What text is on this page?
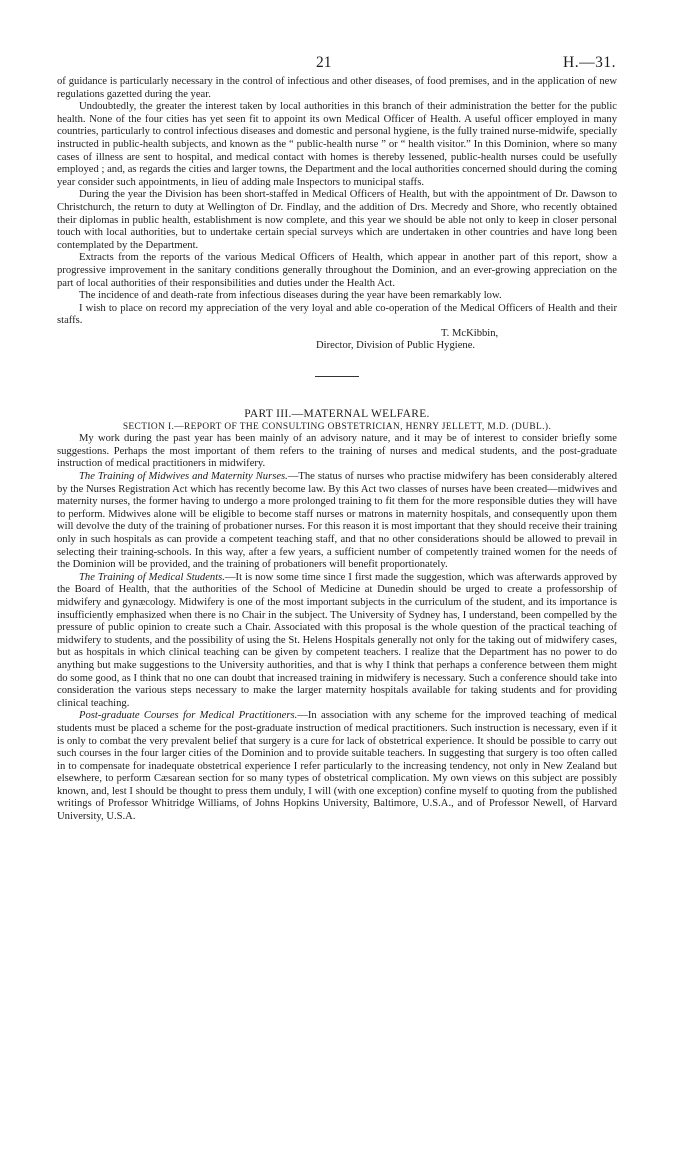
21	H.—31.

of guidance is particularly necessary in the control of infectious and other diseases, of food premises, and in the application of new regulations gazetted during the year.

Undoubtedly, the greater the interest taken by local authorities in this branch of their administration the better for the public health. None of the four cities has yet seen fit to appoint its own Medical Officer of Health. A useful officer employed in many countries, particularly to control infectious diseases and domestic and personal hygiene, is the fully trained nurse-midwife, specially instructed in public-health subjects, and known as the “ public-health nurse ” or “ health visitor.” In this Dominion, where so many cases of illness are sent to hospital, and medical contact with homes is thereby lessened, public-health nurses could be usefully employed ; and, as regards the cities and larger towns, the Department and the local authorities concerned should during the coming year consider such appointments, in lieu of adding male Inspectors to municipal staffs.

During the year the Division has been short-staffed in Medical Officers of Health, but with the appointment of Dr. Dawson to Christchurch, the return to duty at Wellington of Dr. Findlay, and the addition of Drs. Mecredy and Shore, who recently obtained their diplomas in public health, establishment is now complete, and this year we should be able not only to keep in closer personal touch with local authorities, but to undertake certain special surveys which are undertaken in other countries and have long been contemplated by the Department.

Extracts from the reports of the various Medical Officers of Health, which appear in another part of this report, show a progressive improvement in the sanitary conditions generally throughout the Dominion, and an ever-growing appreciation on the part of local authorities of their responsibilities and duties under the Health Act.

The incidence of and death-rate from infectious diseases during the year have been remarkably low.

I wish to place on record my appreciation of the very loyal and able co-operation of the Medical Officers of Health and their staffs.

T. McKibbin,

Director, Division of Public Hygiene.

PART III.—MATERNAL WELFARE.

SECTION I.—REPORT OF THE CONSULTING OBSTETRICIAN, HENRY JELLETT, M.D. (DUBL.).

My work during the past year has been mainly of an advisory nature, and it may be of interest to consider briefly some suggestions. Perhaps the most important of them refers to the training of nurses and medical students, and the post-graduate instruction of medical practitioners in midwifery.

The Training of Midwives and Maternity Nurses.—The status of nurses who practise midwifery has been considerably altered by the Nurses Registration Act which has recently become law. By this Act two classes of nurses have been created—midwives and maternity nurses, the former having to undergo a more prolonged training to fit them for the more responsible duties they will have to perform. Midwives alone will be eligible to become staff nurses or matrons in maternity hospitals, and consequently upon them will devolve the duty of the training of probationer nurses. For this reason it is most important that they should receive their training only in such hospitals as can provide a competent teaching staff, and that no other considerations should be allowed to prevail in selecting their training-schools. In this way, after a few years, a sufficient number of competently trained women for the needs of the Dominion will be provided, and the training of probationers will benefit proportionately.

The Training of Medical Students.—It is now some time since I first made the suggestion, which was afterwards approved by the Board of Health, that the authorities of the School of Medicine at Dunedin should be urged to create a professorship of midwifery and gynæcology. Midwifery is one of the most important subjects in the curriculum of the student, and its importance is insufficiently emphasized when there is no Chair in the subject. The University of Sydney has, I understand, been compelled by the pressure of public opinion to create such a Chair. Associated with this proposal is the whole question of the practical teaching of midwifery to students, and the possibility of using the St. Helens Hospitals generally not only for the taking out of midwifery cases, but as hospitals in which clinical teaching can be given by competent teachers. I realize that the Department has no power to do anything but make suggestions to the University authorities, and that is why I think that perhaps a conference between them might do some good, as I think that no one can doubt that increased training in midwifery is necessary. Such a conference should take into consideration the various steps necessary to make the larger maternity hospitals available for taking students and for providing clinical teaching.

Post-graduate Courses for Medical Practitioners.—In association with any scheme for the improved teaching of medical students must be placed a scheme for the post-graduate instruction of medical practitioners. Such instruction is necessary, even if it is only to combat the very prevalent belief that surgery is a cure for lack of obstetrical experience. It should be possible to carry out such courses in the four larger cities of the Dominion and to provide suitable teachers. In suggesting that surgery is too often called in to compensate for inadequate obstetrical experience I refer particularly to the increasing tendency, not only in New Zealand but elsewhere, to perform Cæsarean section for so many types of obstetrical complication. My own views on this subject are possibly known, and, lest I should be thought to press them unduly, I will (with one exception) confine myself to quoting from the published writings of Professor Whitridge Williams, of Johns Hopkins University, Baltimore, U.S.A., and of Professor Newell, of Harvard University, U.S.A.
